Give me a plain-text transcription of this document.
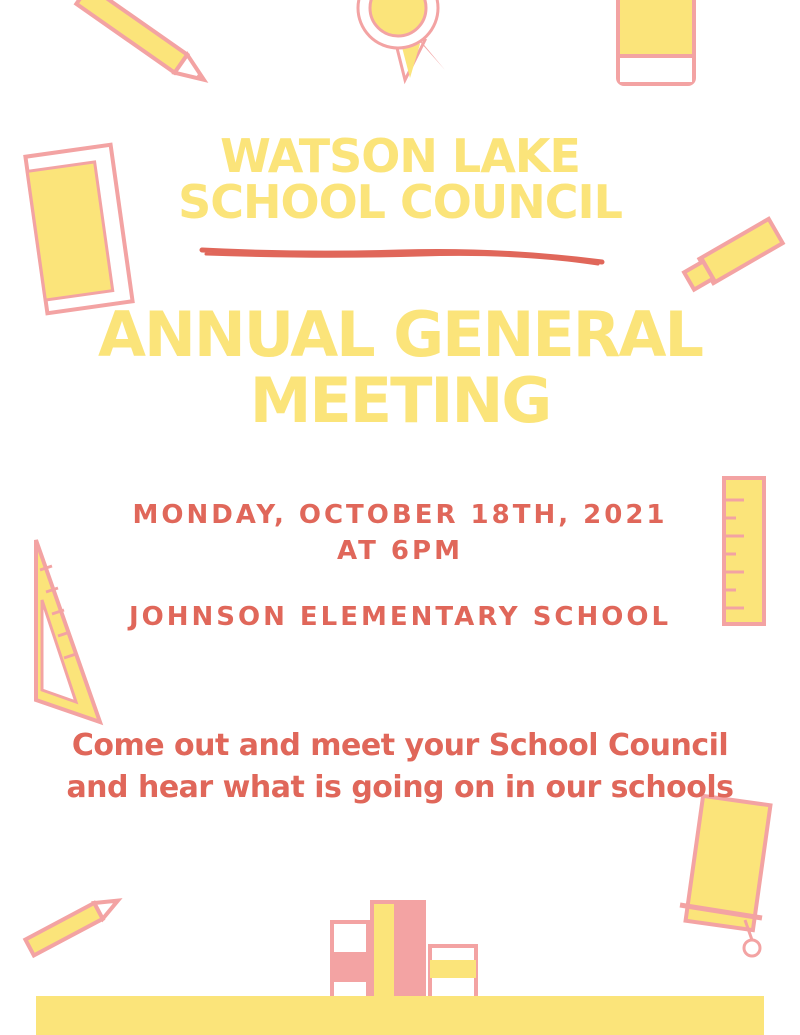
WATSON LAKE
SCHOOL COUNCIL
ANNUAL GENERAL
MEETING

MONDAY, OCTOBER 18TH, 2021

AT 6PM

JOHNSON ELEMENTARY SCHOOL

Come out and meet your School Council

and hear what is going on in our schools
